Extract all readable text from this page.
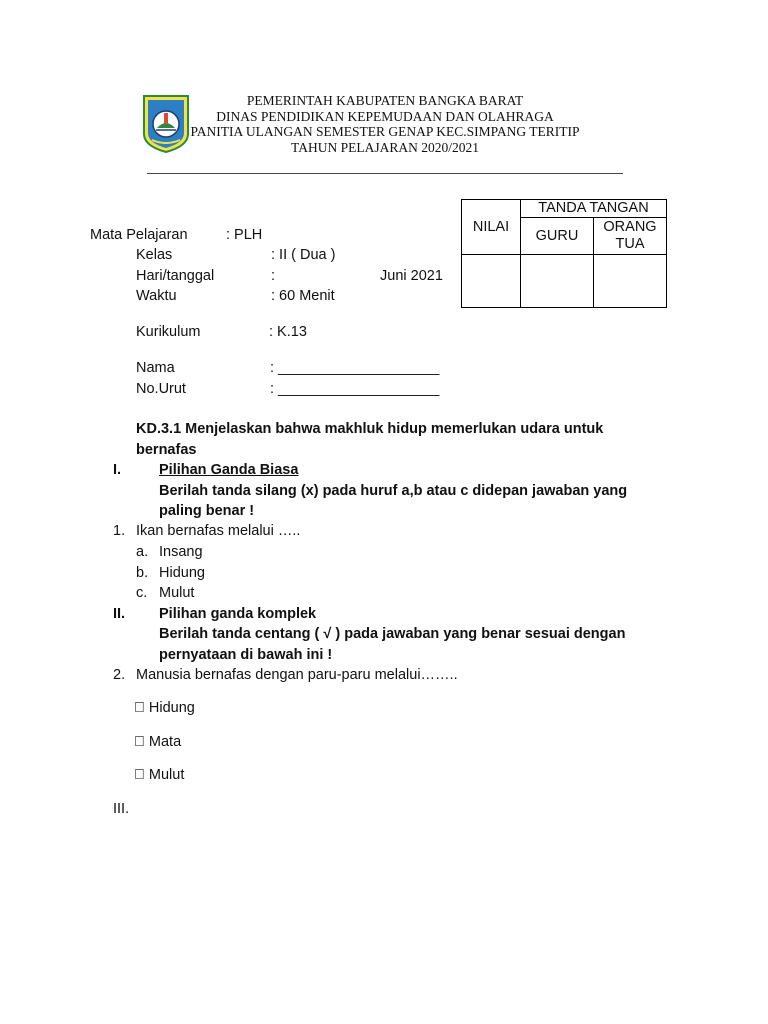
PEMERINTAH KABUPATEN BANGKA BARAT
DINAS PENDIDIKAN KEPEMUDAAN DAN OLAHRAGA
PANITIA ULANGAN SEMESTER GENAP KEC.SIMPANG TERITIP
TAHUN PELAJARAN 2020/2021
NILAI	TANDA TANGAN	
	GURU	ORANG
TUA

Mata Pelajaran	: PLH
Kelas	: II ( Dua )
Hari/tanggal	:	Juni 2021
Waktu	: 60 Menit
Kurikulum	: K.13
Nama	: ____________________
No.Urut	: ____________________
KD.3.1 Menjelaskan bahwa makhluk hidup memerlukan udara untuk
bernafas
I.	Pilihan Ganda Biasa
Berilah tanda silang (x) pada huruf a,b atau c didepan jawaban yang
paling benar !
1. Ikan bernafas melalui …..
a. Insang
b. Hidung
c. Mulut
II. Pilihan ganda komplek
Berilah tanda centang ( √ ) pada jawaban yang benar sesuai dengan
pernyataan di bawah ini !
2. Manusia bernafas dengan paru-paru melalui……..
Hidung
Mata
Mulut
III.
